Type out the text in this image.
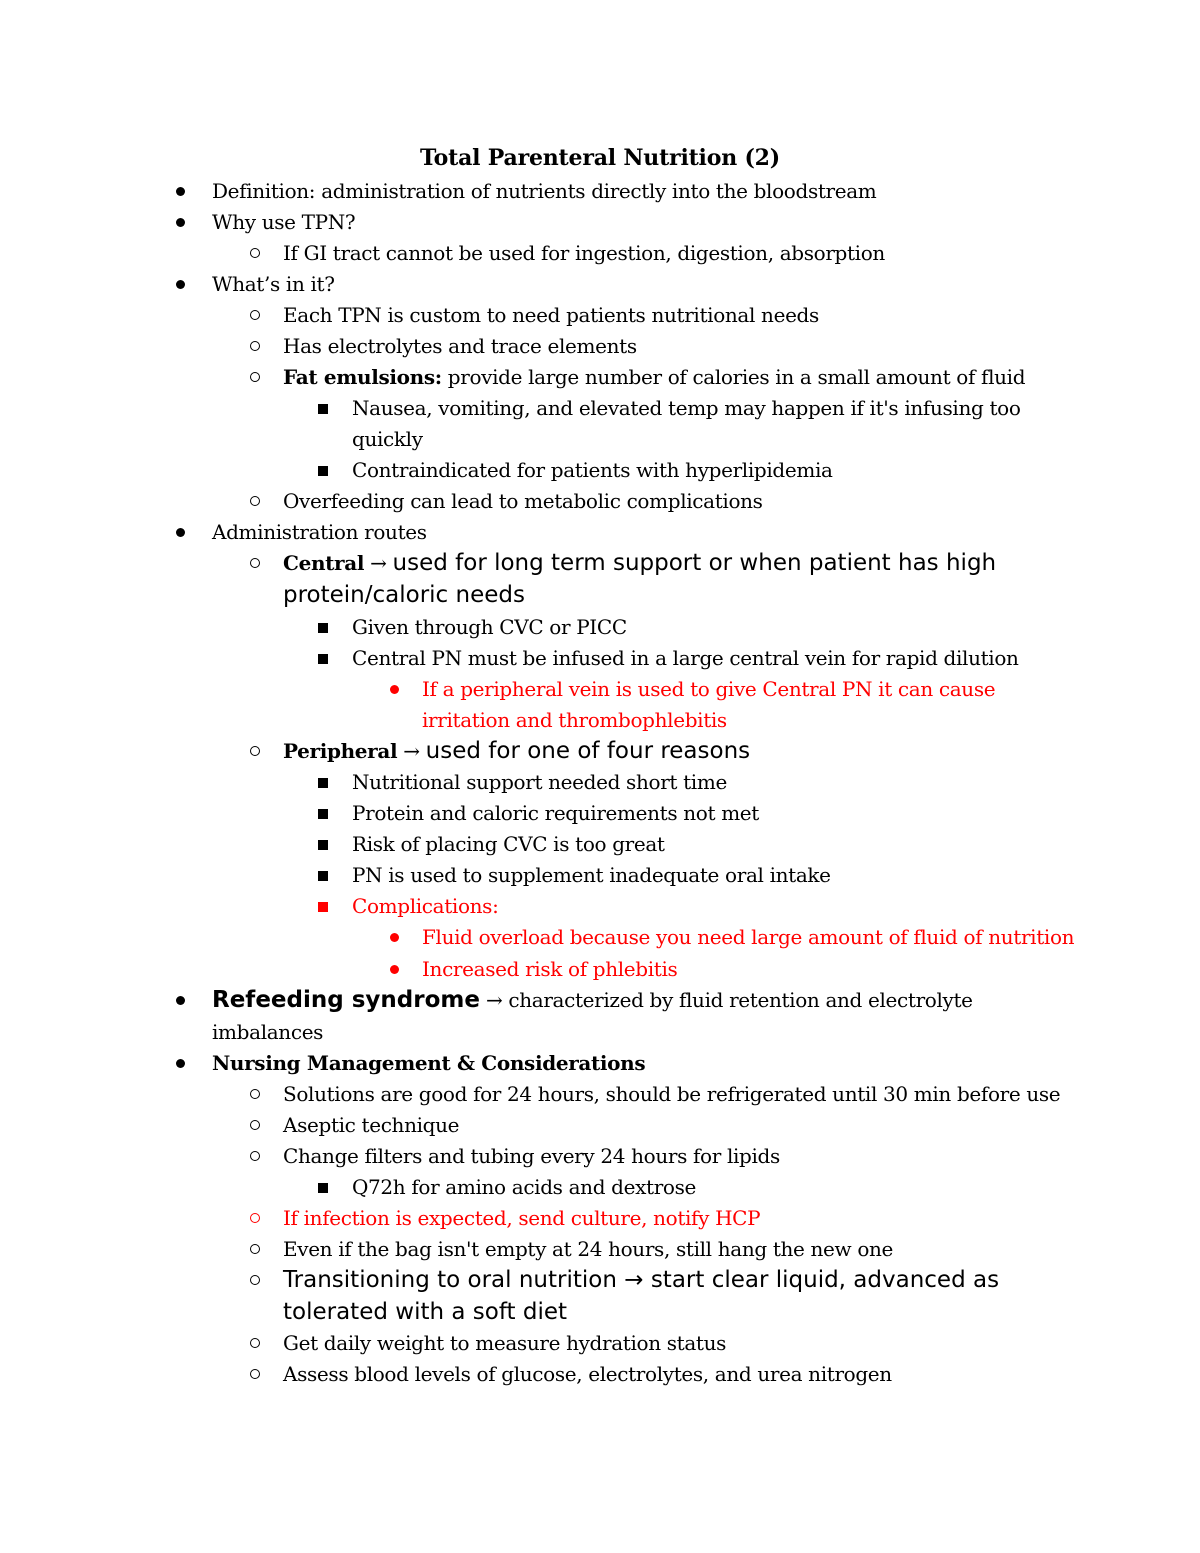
Total Parenteral Nutrition (2)
Definition: administration of nutrients directly into the bloodstream
Why use TPN?
If GI tract cannot be used for ingestion, digestion, absorption
What’s in it?
Each TPN is custom to need patients nutritional needs
Has electrolytes and trace elements
Fat emulsions: provide large number of calories in a small amount of fluid
Nausea, vomiting, and elevated temp may happen if it's infusing too
quickly
Contraindicated for patients with hyperlipidemia
Overfeeding can lead to metabolic complications
Administration routes
Central → used for long term support or when patient has high
protein/caloric needs
Given through CVC or PICC
Central PN must be infused in a large central vein for rapid dilution
If a peripheral vein is used to give Central PN it can cause
irritation and thrombophlebitis
Peripheral → used for one of four reasons
Nutritional support needed short time
Protein and caloric requirements not met
Risk of placing CVC is too great
PN is used to supplement inadequate oral intake
Complications:
Fluid overload because you need large amount of fluid of nutrition
Increased risk of phlebitis
Refeeding syndrome → characterized by fluid retention and electrolyte
imbalances
Nursing Management & Considerations
Solutions are good for 24 hours, should be refrigerated until 30 min before use
Aseptic technique
Change filters and tubing every 24 hours for lipids
Q72h for amino acids and dextrose
If infection is expected, send culture, notify HCP
Even if the bag isn't empty at 24 hours, still hang the new one
Transitioning to oral nutrition → start clear liquid, advanced as
tolerated with a soft diet
Get daily weight to measure hydration status
Assess blood levels of glucose, electrolytes, and urea nitrogen
